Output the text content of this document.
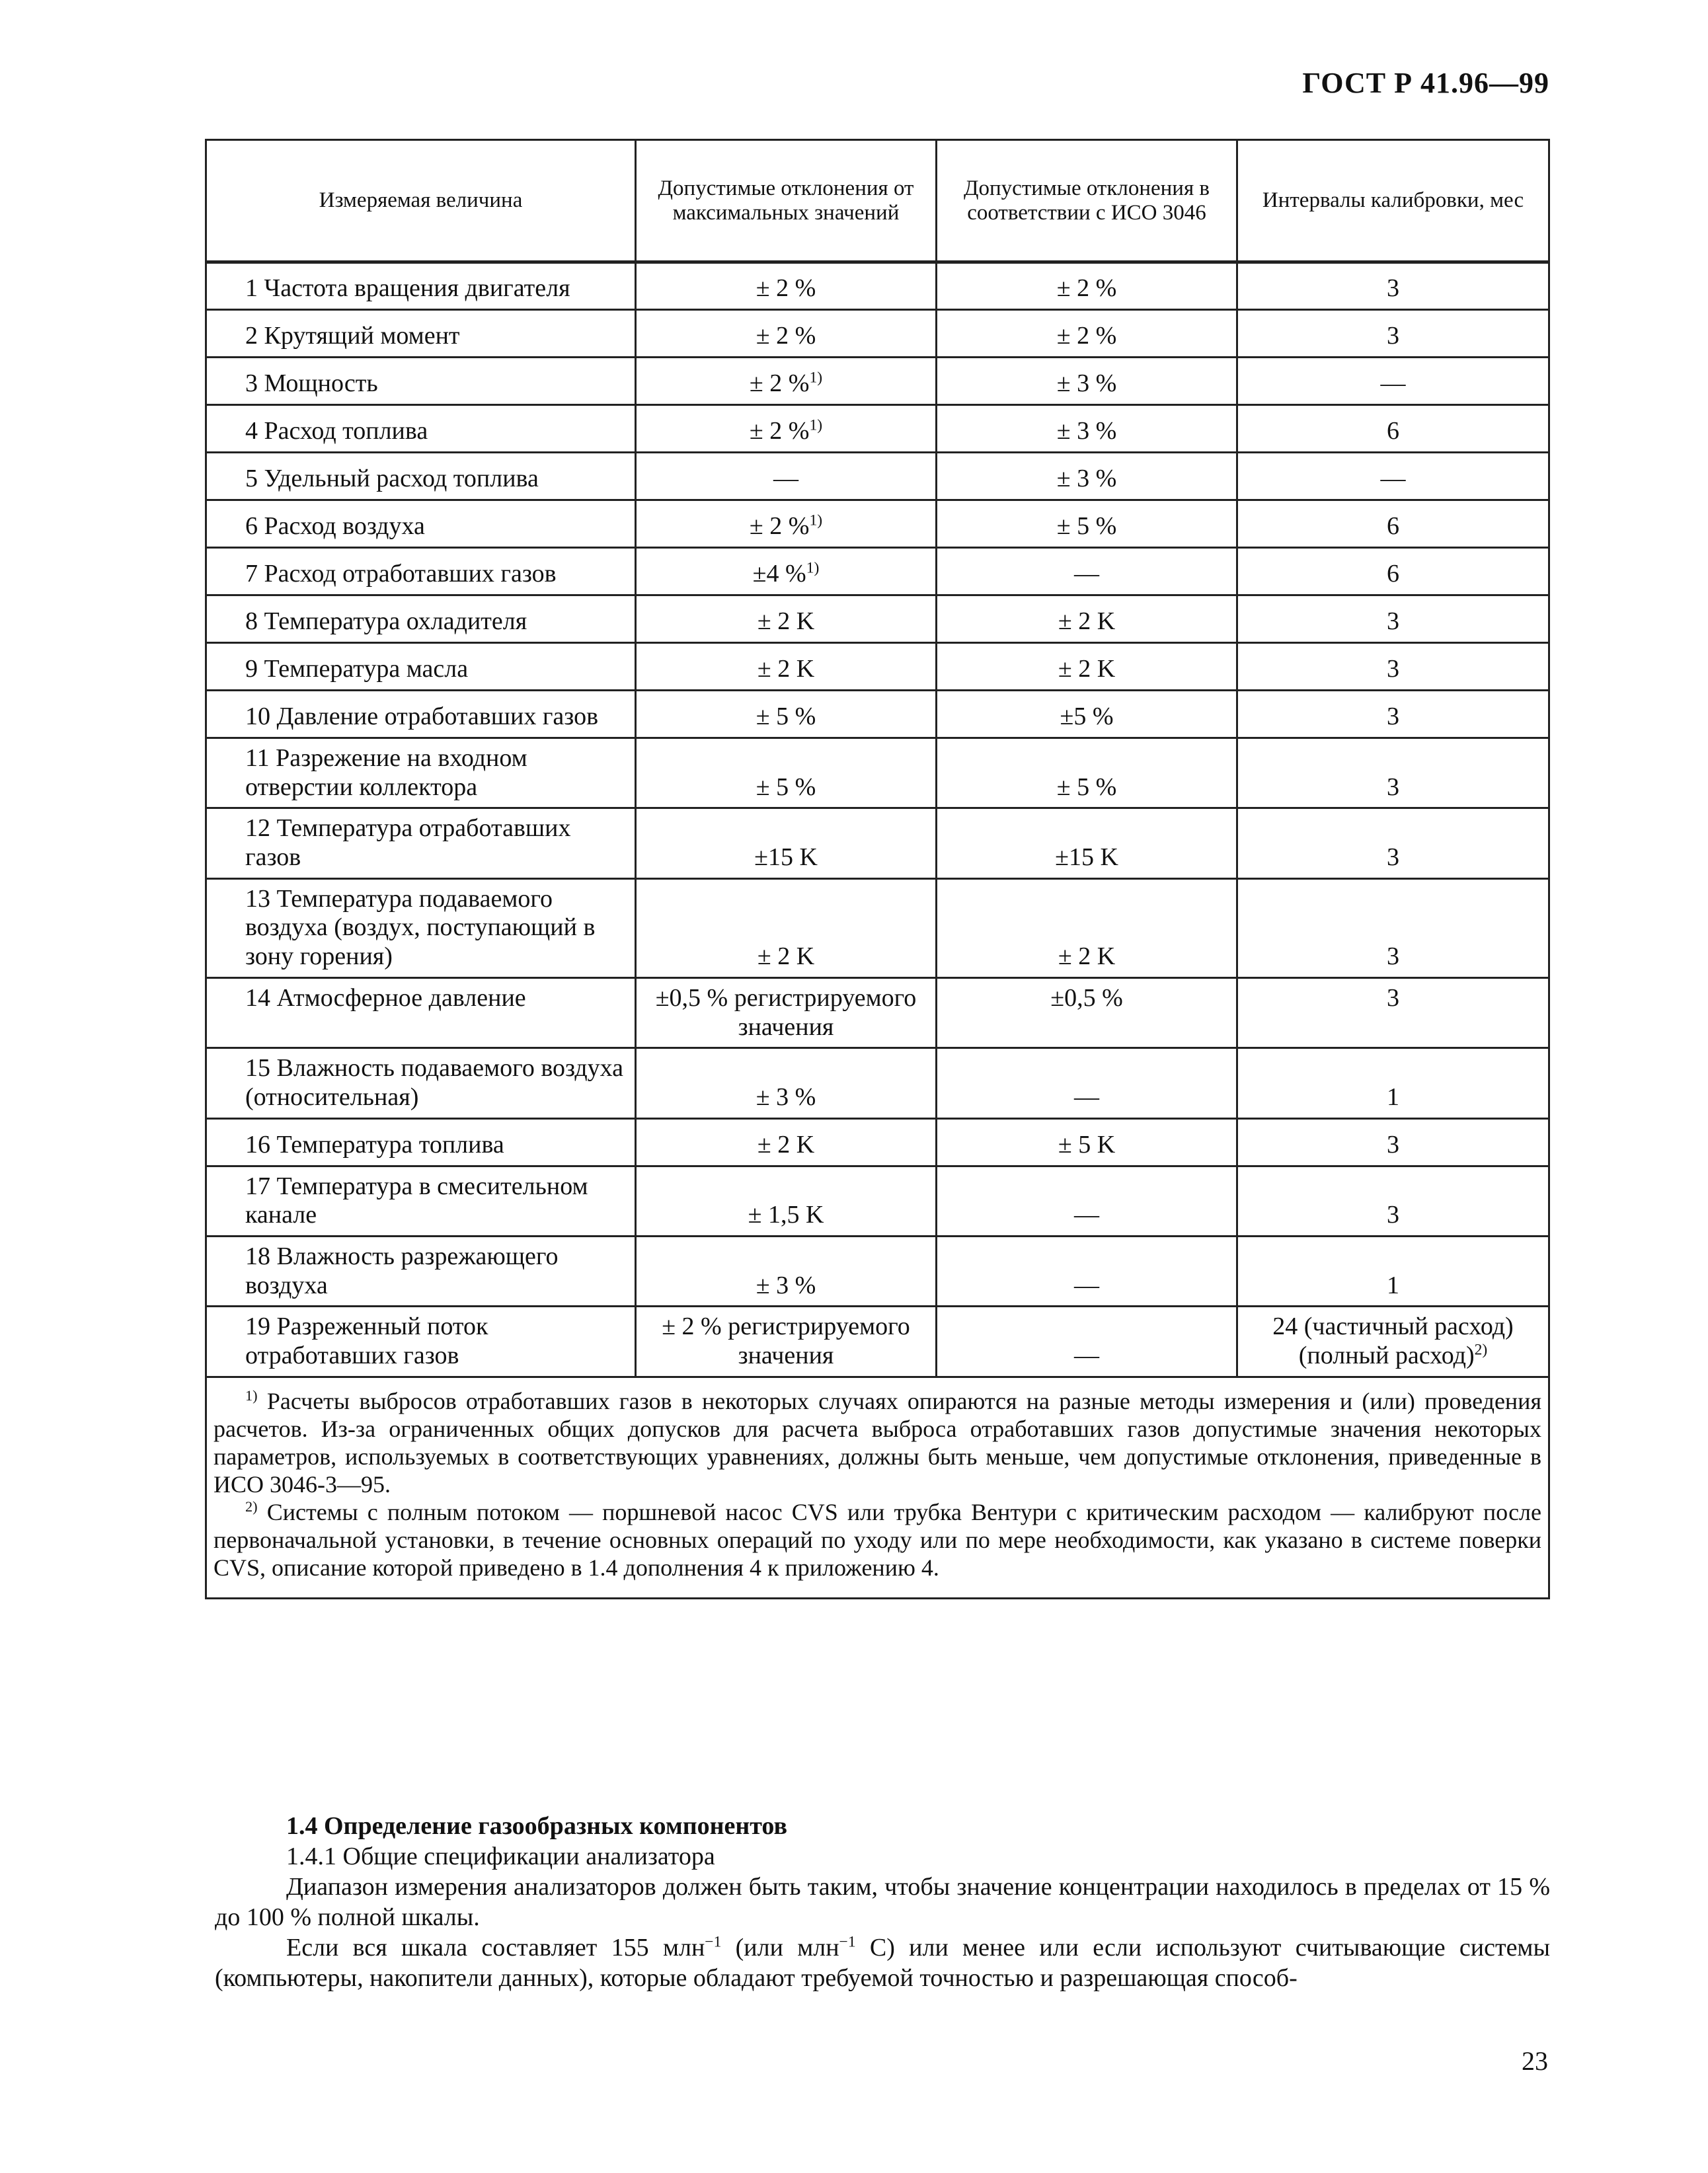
ГОСТ Р 41.96—99
Измеряемая величина	Допустимые отклонения от максимальных значений	Допустимые отклонения в соответствии с ИСО 3046	Интервалы калибровки, мес
1 Частота вращения двигателя	± 2 %	± 2 %	3
2 Крутящий момент	± 2 %	± 2 %	3
3 Мощность	± 2 %$^{1)}$	± 3 %	—
4 Расход топлива	± 2 %$^{1)}$	± 3 %	6
5 Удельный расход топлива	—	± 3 %	—
6 Расход воздуха	± 2 %$^{1)}$	± 5 %	6
7 Расход отработавших газов	±4 %$^{1)}$	—	6
8 Температура охладителя	± 2 K	± 2 K	3
9 Температура масла	± 2 K	± 2 K	3
10 Давление отработавших газов	± 5 %	±5 %	3
11 Разрежение на входном отверстии коллектора	± 5 %	± 5 %	3
12 Температура отработавших газов	±15 K	±15 K	3
13 Температура подаваемого воздуха (воздух, поступающий в зону горения)	± 2 K	± 2 K	3
14 Атмосферное давление	±0,5 % регистрируемого значения	±0,5 %	3
15 Влажность подаваемого воздуха (относительная)	± 3 %	—	1
16 Температура топлива	± 2 K	± 5 K	3
17 Температура в смесительном канале	± 1,5 K	—	3
18 Влажность разрежающего воздуха	± 3 %	—	1
19 Разреженный поток отработавших газов	± 2 % регистрируемого значения	—	24 (частичный расход) (полный расход)$^{2)}$

$^{1)}$ Расчеты выбросов отработавших газов в некоторых случаях опираются на разные методы измерения и (или) проведения расчетов. Из-за ограниченных общих допусков для расчета выброса отработавших газов допустимые значения некоторых параметров, используемых в соответствующих уравнениях, должны быть меньше, чем допустимые отклонения, приведенные в ИСО 3046-3—95.
$^{2)}$ Системы с полным потоком — поршневой насос CVS или трубка Вентури с критическим расходом — калибруют после первоначальной установки, в течение основных операций по уходу или по мере необходимости, как указано в системе поверки CVS, описание которой приведено в 1.4 дополнения 4 к приложению 4.			
1.4 Определение газообразных компонентов

1.4.1 Общие спецификации анализатора

Диапазон измерения анализаторов должен быть таким, чтобы значение концентрации находилось в пределах от 15 % до 100 % полной шкалы.

Если вся шкала составляет 155 млн$^{-1}$ (или млн$^{-1}$ С) или менее или если используют считывающие системы (компьютеры, накопители данных), которые обладают требуемой точностью и разрешающая способ-

23
